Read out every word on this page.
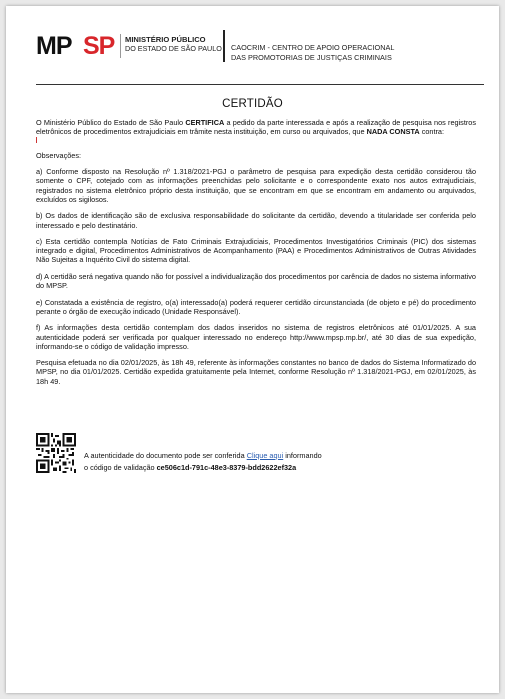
MP SP MINISTÉRIO PÚBLICO
DO ESTADO DE SÃO PAULO CAOCRIM - CENTRO DE APOIO OPERACIONAL
DAS PROMOTORIAS DE JUSTIÇAS CRIMINAIS
CERTIDÃO

O Ministério Público do Estado de São Paulo CERTIFICA a pedido da parte interessada e após a realização de pesquisa nos registros eletrônicos de procedimentos extrajudiciais em trâmite nesta instituição, em curso ou arquivados, que NADA CONSTA contra:

Observações:

a) Conforme disposto na Resolução nº 1.318/2021-PGJ o parâmetro de pesquisa para expedição desta certidão considerou tão somente o CPF, cotejado com as informações preenchidas pelo solicitante e o correspondente exato nos autos extrajudiciais, registrados no sistema eletrônico próprio desta instituição, que se encontram em que se encontram em andamento ou arquivados, excluídos os sigilosos.

b) Os dados de identificação são de exclusiva responsabilidade do solicitante da certidão, devendo a titularidade ser conferida pelo interessado e pelo destinatário.

c) Esta certidão contempla Notícias de Fato Criminais Extrajudiciais, Procedimentos Investigatórios Criminais (PIC) dos sistemas integrado e digital, Procedimentos Administrativos de Acompanhamento (PAA) e Procedimentos Administrativos de Outras Atividades Não Sujeitas a Inquérito Civil do sistema digital.

d) A certidão será negativa quando não for possível a individualização dos procedimentos por carência de dados no sistema informativo do MPSP.

e) Constatada a existência de registro, o(a) interessado(a) poderá requerer certidão circunstanciada (de objeto e pé) do procedimento perante o órgão de execução indicado (Unidade Responsável).

f) As informações desta certidão contemplam dos dados inseridos no sistema de registros eletrônicos até 01/01/2025. A sua autenticidade poderá ser verificada por qualquer interessado no endereço http://www.mpsp.mp.br/, até 30 dias de sua expedição, informando-se o código de validação impresso.

Pesquisa efetuada no dia 02/01/2025, às 18h 49, referente às informações constantes no banco de dados do Sistema Informatizado do MPSP, no dia 01/01/2025. Certidão expedida gratuitamente pela Internet, conforme Resolução nº 1.318/2021-PGJ, em 02/01/2025, às 18h 49.

A autenticidade do documento pode ser conferida Clique aqui informando
o código de validação ce506c1d-791c-48e3-8379-bdd2622ef32a
